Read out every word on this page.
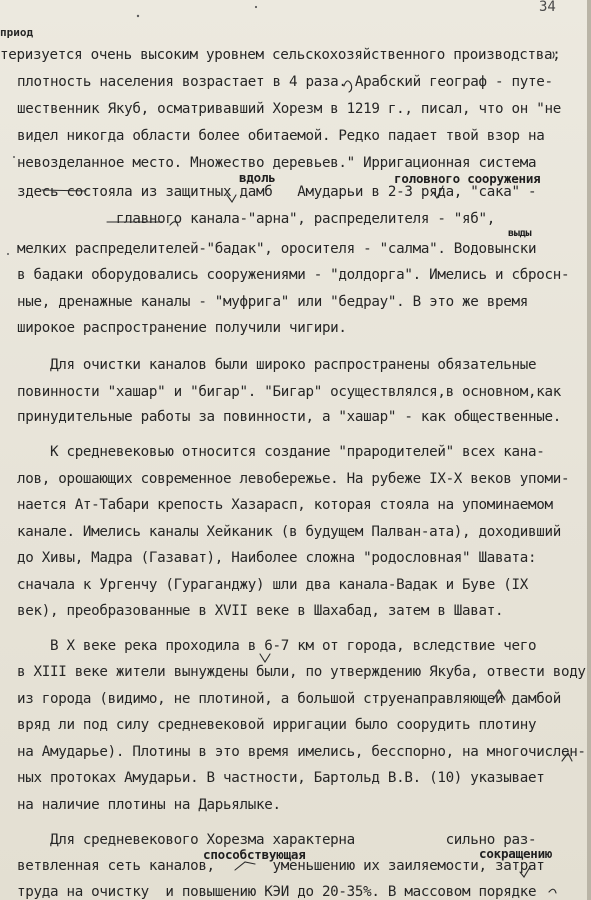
34
приод
теризуется очень высоким уровнем сельскохозяйственного производства;
плотность населения возрастает в 4 раза. Арабский географ - путе-
шественник Якуб, осматривавший Хорезм в 1219 г., писал, что он "не
видел никогда области более обитаемой. Редко падает твой взор на
невозделанное место. Множество деревьев." Ирригационная система
вдоль	головного сооружения
здесь состояла из защитных дамб   Амударьи в 2-3 ряда, "сака" -
главного канала-"арна", распределителя - "яб",
выды
мелких распределителей-"бадак", оросителя - "салма". Водовынски
в бадаки оборудовались сооружениями - "долдорга". Имелись и сбросн-
ные, дренажные каналы - "муфрига" или "бедрау". В это же время
широкое распространение получили чигири.
Для очистки каналов были широко распространены обязательные
повинности "хашар" и "бигар". "Бигар" осуществлялся,в основном,как
принудительные работы за повинности, а "хашар" - как общественные.
К средневековью относится создание "прародителей" всех кана-
лов, орошающих современное левобережье. На рубеже IX-X веков упоми-
нается Ат-Табари крепость Хазарасп, которая стояла на упоминаемом
канале. Имелись каналы Хейканик (в будущем Палван-ата), доходивший
до Хивы, Мадра (Газават), Наиболее сложна "родословная" Шавата:
сначала к Ургенчу (Гураганджу) шли два канала-Вадак и Буве (IX
век), преобразованные в XVII веке в Шахабад, затем в Шават.
В X веке река проходила в 6-7 км от города, вследствие чего
в XIII веке жители вынуждены были, по утверждению Якуба, отвести воду
из города (видимо, не плотиной, а большой струенаправляющей дамбой
вряд ли под силу средневековой ирригации было соорудить плотину
на Амударье). Плотины в это время имелись, бесспорно, на многочислен-
ных протоках Амударьи. В частности, Бартольд В.В. (10) указывает
на наличие плотины на Дарьялыке.
Для средневекового Хорезма характерна           сильно раз-
способствующая	сокращению
ветвленная сеть каналов,       уменьшению их заиляемости, затрат
труда на очистку  и повышению КЭИ до 20-35%. В массовом порядке
